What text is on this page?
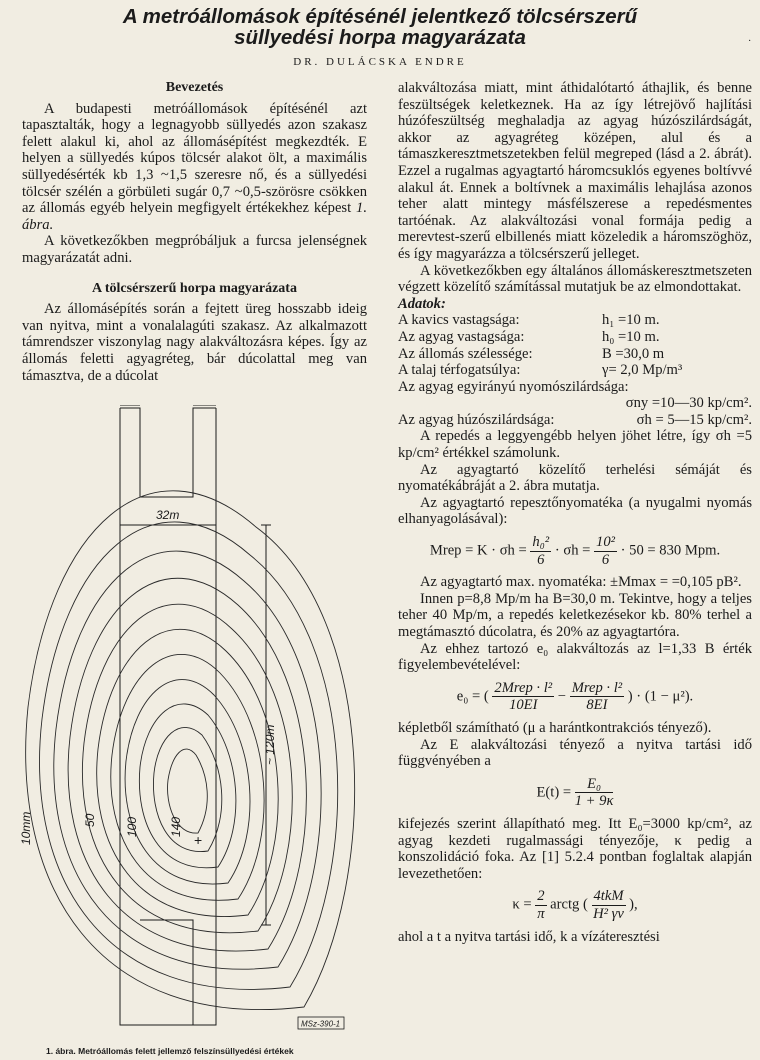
A metróállomások építésénél jelentkező tölcsérszerű
süllyedési horpa magyarázata
DR. DULÁCSKA ENDRE
·
Bevezetés

A budapesti metróállomások építésénél azt tapasztalták, hogy a legnagyobb süllyedés azon szakasz felett alakul ki, ahol az állomásépítést megkezdték. E helyen a süllyedés kúpos tölcsér alakot ölt, a maximális süllyedésérték kb 1,3 ~1,5 szeresre nő, és a süllyedési tölcsér szélén a görbületi sugár 0,7 ~0,5-szörösre csökken az állomás egyéb helyein megfigyelt értékekhez képest 1. ábra.

A következőkben megpróbáljuk a furcsa jelenségnek magyarázatát adni.

A tölcsérszerű horpa magyarázata

Az állomásépítés során a fejtett üreg hosszabb ideig van nyitva, mint a vonalalagúti szakasz. Az alkalmazott támrendszer viszonylag nagy alakváltozásra képes. Így az állomás feletti agyagréteg, bár dúcolattal meg van támasztva, de a dúcolat

32m
~ 120m
10mm	50 100	140
+
MSz-390-1
1. ábra. Metróállomás felett jellemző felszínsüllyedési értékek

alakváltozása miatt, mint áthidalótartó áthajlik, és benne feszültségek keletkeznek. Ha az így létrejövő hajlítási húzófeszültség meghaladja az agyag húzószilárdságát, akkor az agyagréteg középen, alul és a támaszkeresztmetszetekben felül megreped (lásd a 2. ábrát). Ezzel a rugalmas agyagtartó háromcsuklós egyenes boltívvé alakul át. Ennek a boltívnek a maximális lehajlása azonos teher alatt mintegy másfélszerese a repedésmentes tartóénak. Az alakváltozási vonal formája pedig a merevtest-szerű elbillenés miatt közeledik a háromszöghöz, és így magyarázza a tölcsérszerű jelleget.

A következőkben egy általános állomáskeresztmetszeten végzett közelítő számítással mutatjuk be az elmondottakat.

Adatok:
A kavics vastagsága:	h₁ =10 m.
Az agyag vastagsága:	h₀ =10 m.
Az állomás szélessége:	B =30,0 m
A talaj térfogatsúlya:	γ= 2,0 Mp/m³
Az agyag egyirányú nyomószilárdsága:
σny =10—30 kp/cm².
Az agyag húzószilárdsága:	σh = 5—15 kp/cm².

A repedés a leggyengébb helyen jöhet létre, így σh =5 kp/cm² értékkel számolunk.

Az agyagtartó közelítő terhelési sémáját és nyomatékábráját a 2. ábra mutatja.

Az agyagtartó repesztőnyomatéka (a nyugalmi nyomás elhanyagolásával):

Mrep = $K \cdot \sigma h = \frac{\text{h₀²}}{6} \cdot \sigma h = \frac{\text{10²}}{6} \cdot 50 = 830$ Mpm.

Az agyagtartó max. nyomatéka: ±Mmax = =0,105 pB².

Innen p=8,8 Mp/m ha B=30,0 m. Tekintve, hogy a teljes teher 40 Mp/m, a repedés keletkezésekor kb. 80% terhel a megtámasztó dúcolatra, és 20% az agyagtartóra.

Az ehhez tartozó e₀ alakváltozás az l=1,33 B érték figyelembevételével:

e₀ = ( $\frac{\text{2Mrep · l²}}{10EI} - \frac{\text{Mrep · l²}}{8EI}$ ) · (1 − μ²).

képletből számítható (μ a harántkontrakciós tényező).

Az E alakváltozási tényező a nyitva tartási idő függvényében a

$E(t) = \frac{\text{E₀}}{1 + 9\kappa}$

kifejezés szerint állapítható meg. Itt E₀=3000 kp/cm², az agyag kezdeti rugalmassági tényezője, κ pedig a konszolidáció foka. Az [1] 5.2.4 pontban foglaltak alapján levezethetően:

$\kappa = \frac{2}{\pi}$ arctg ( $\frac{\text{4tkM}}{\text{H² γv}}$ ),

ahol a t a nyitva tartási idő, k a vízáteresztési
